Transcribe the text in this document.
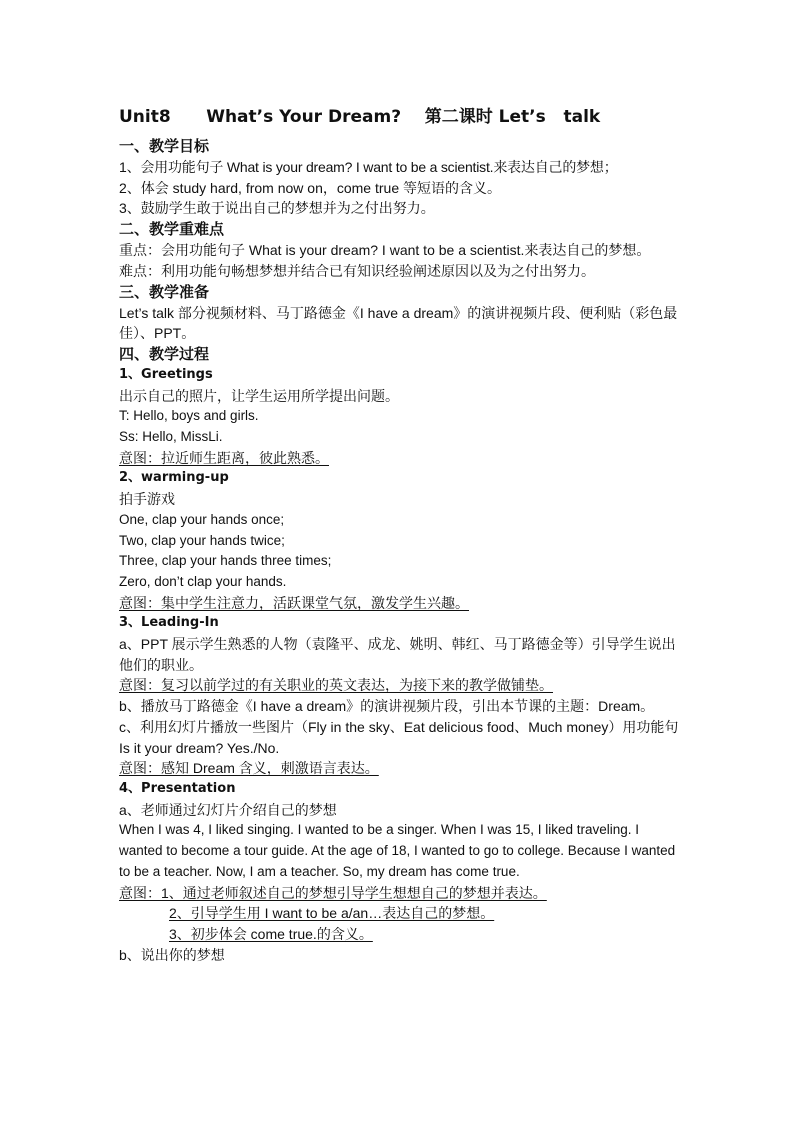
Unit8      What’s Your Dream?    第二课时 Let’s   talk
一、教学目标
1、会用功能句子 What is your dream? I want to be a scientist.来表达自己的梦想；
2、体会 study hard, from now on，come true 等短语的含义。
3、鼓励学生敢于说出自己的梦想并为之付出努力。
二、教学重难点
重点：会用功能句子 What is your dream? I want to be a scientist.来表达自己的梦想。
难点：利用功能句畅想梦想并结合已有知识经验阐述原因以及为之付出努力。
三、教学准备
Let’s talk 部分视频材料、马丁路德金《I have a dream》的演讲视频片段、便利贴（彩色最佳）、PPT。
四、教学过程
1、Greetings
出示自己的照片，让学生运用所学提出问题。
T: Hello, boys and girls.
Ss: Hello, MissLi.
意图：拉近师生距离，彼此熟悉。
2、warming-up
拍手游戏
One, clap your hands once;
Two, clap your hands twice;
Three, clap your hands three times;
Zero, don’t clap your hands.
意图：集中学生注意力，活跃课堂气氛，激发学生兴趣。
3、Leading-In
a、PPT 展示学生熟悉的人物（袁隆平、成龙、姚明、韩红、马丁路德金等）引导学生说出他们的职业。
意图：复习以前学过的有关职业的英文表达，为接下来的教学做铺垫。
b、播放马丁路德金《I have a dream》的演讲视频片段，引出本节课的主题：Dream。
c、利用幻灯片播放一些图片（Fly in the sky、Eat delicious food、Much money）用功能句 Is it your dream? Yes./No.
意图：感知 Dream 含义，刺激语言表达。
4、Presentation
a、老师通过幻灯片介绍自己的梦想
When I was 4, I liked singing. I wanted to be a singer. When I was 15, I liked traveling. I wanted to become a tour guide. At the age of 18, I wanted to go to college. Because I wanted to be a teacher. Now, I am a teacher. So, my dream has come true.
意图：1、通过老师叙述自己的梦想引导学生想想自己的梦想并表达。
2、引导学生用 I want to be a/an…表达自己的梦想。
3、初步体会 come true.的含义。
b、说出你的梦想
